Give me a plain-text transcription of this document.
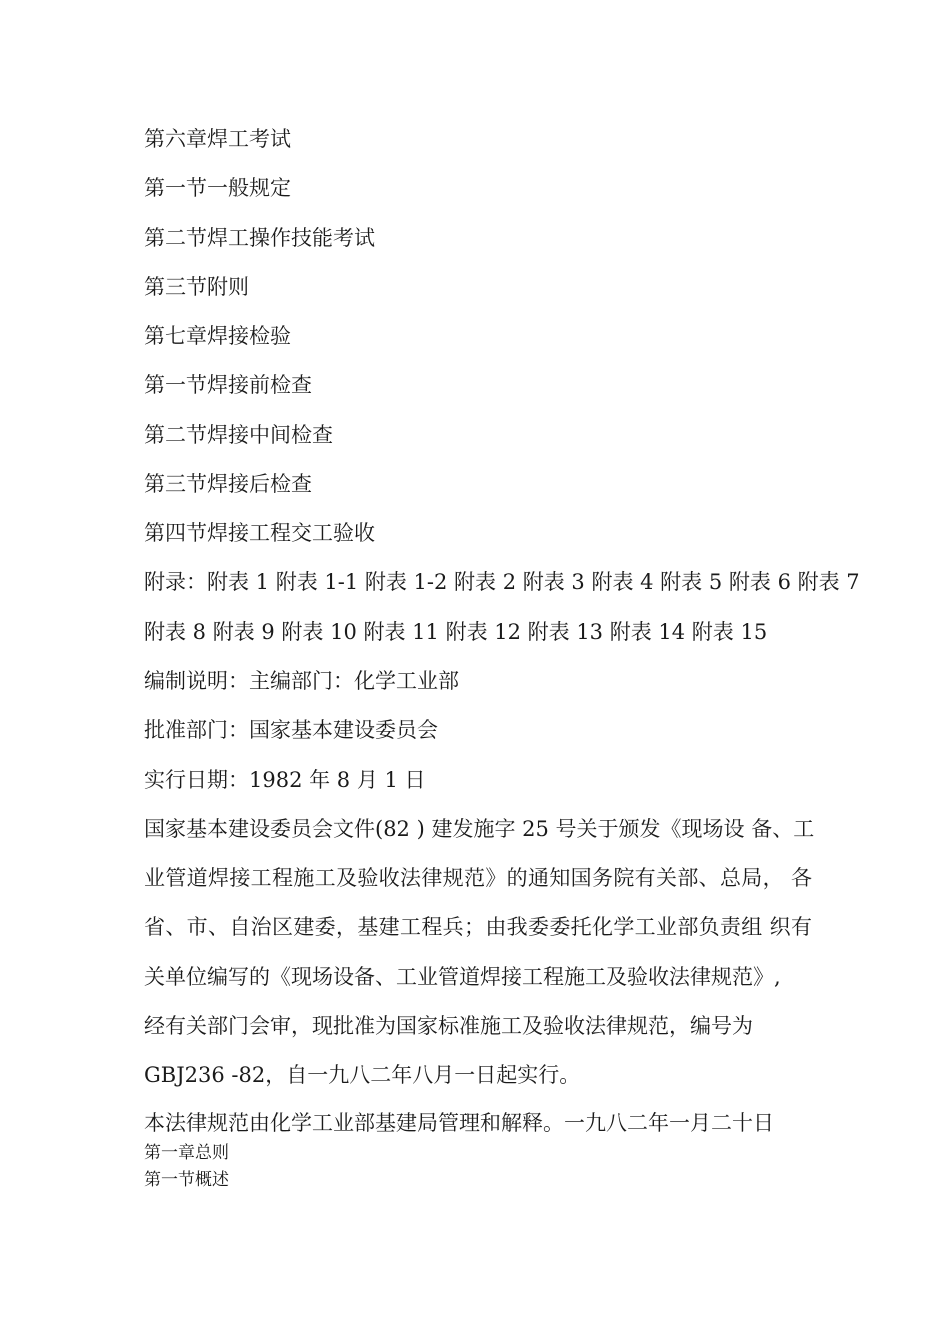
第六章焊工考试
第一节一般规定
第二节焊工操作技能考试
第三节附则
第七章焊接检验
第一节焊接前检查
第二节焊接中间检查
第三节焊接后检查
第四节焊接工程交工验收
附录：附表 1 附表 1-1 附表 1-2 附表 2 附表 3 附表 4 附表 5 附表 6 附表 7
附表 8 附表 9 附表 10 附表 11 附表 12 附表 13 附表 14 附表 15
编制说明：主编部门：化学工业部
批准部门：国家基本建设委员会
实行日期：1982 年 8 月 1 日
国家基本建设委员会文件(82 ) 建发施字 25 号关于颁发《现场设 备、工
业管道焊接工程施工及验收法律规范》的通知国务院有关部、总局， 各
省、市、自治区建委，基建工程兵；由我委委托化学工业部负责组 织有
关单位编写的《现场设备、工业管道焊接工程施工及验收法律规范》,
经有关部门会审，现批准为国家标准施工及验收法律规范，编号为
GBJ236 -82，自一九八二年八月一日起实行。
本法律规范由化学工业部基建局管理和解释。一九八二年一月二十日
第一章总则
第一节概述
